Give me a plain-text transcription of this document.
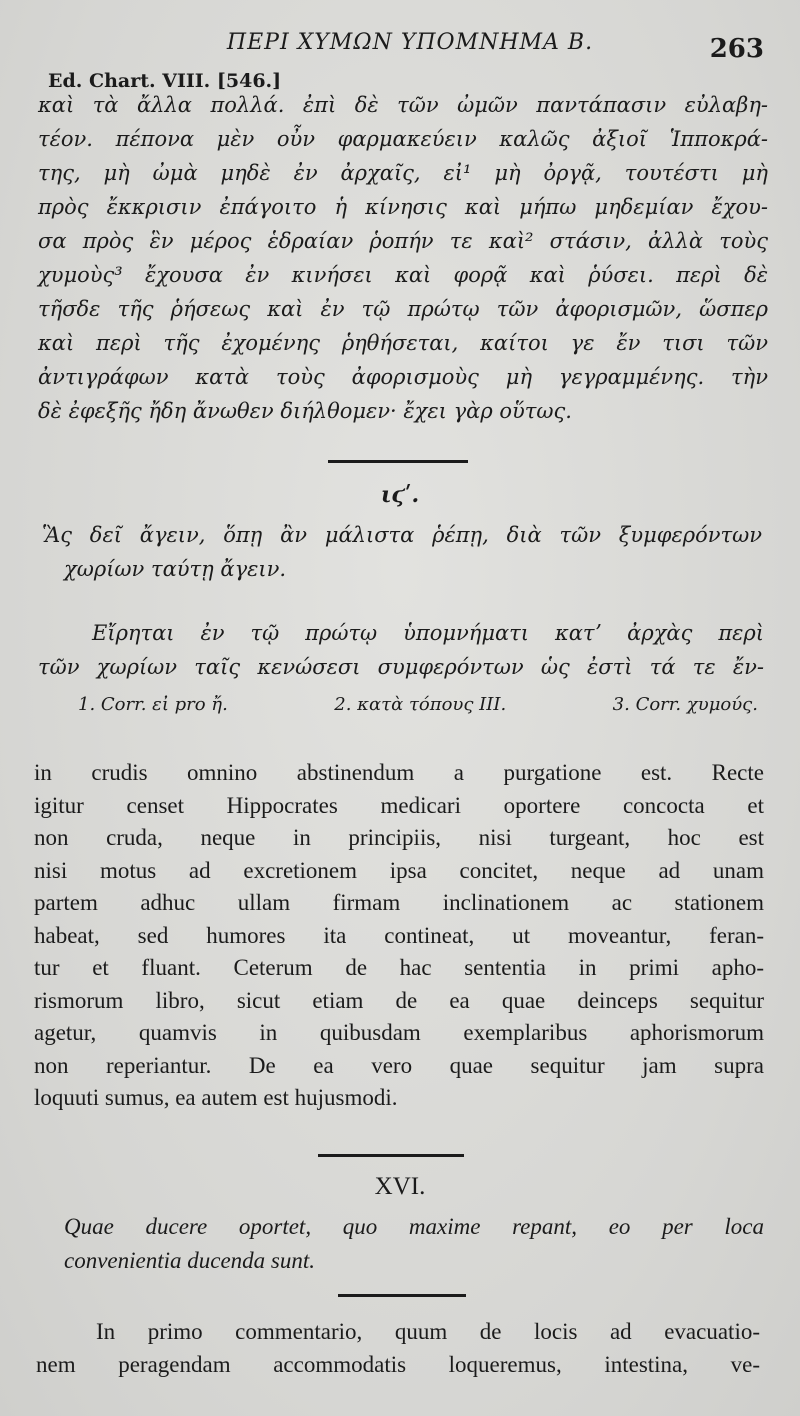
ΠΕΡΙ ΧΥΜΩΝ ΥΠΟΜΝΗΜΑ Β.	263
Ed. Chart. VIII. [546.]
καὶ τὰ ἄλλα πολλά. ἐπὶ δὲ τῶν ὠμῶν παντάπασιν εὐλαβη-
τέον. πέπονα μὲν οὖν φαρμακεύειν καλῶς ἀξιοῖ Ἱπποκρά-
της, μὴ ὠμὰ μηδὲ ἐν ἀρχαῖς, εἰ¹ μὴ ὀργᾷ, τουτέστι μὴ
πρὸς ἔκκρισιν ἐπάγοιτο ἡ κίνησις καὶ μήπω μηδεμίαν ἔχου-
σα πρὸς ἓν μέρος ἑδραίαν ῥοπήν τε καὶ² στάσιν, ἀλλὰ τοὺς
χυμοὺς³ ἔχουσα ἐν κινήσει καὶ φορᾷ καὶ ῥύσει. περὶ δὲ
τῆσδε τῆς ῥήσεως καὶ ἐν τῷ πρώτῳ τῶν ἀφορισμῶν, ὥσπερ
καὶ περὶ τῆς ἐχομένης ῥηθήσεται, καίτοι γε ἔν τισι τῶν
ἀντιγράφων κατὰ τοὺς ἀφορισμοὺς μὴ γεγραμμένης. τὴν
δὲ ἐφεξῆς ἤδη ἄνωθεν διήλθομεν· ἔχει γὰρ οὕτως.
ιϛʹ.
Ἃς δεῖ ἄγειν, ὅπῃ ἂν μάλιστα ῥέπῃ, διὰ τῶν ξυμφερόντων
χωρίων ταύτῃ ἄγειν.
Εἴρηται ἐν τῷ πρώτῳ ὑπομνήματι κατʼ ἀρχὰς περὶ
τῶν χωρίων ταῖς κενώσεσι συμφερόντων ὡς ἐστὶ τά τε ἔν-
1. Corr. εἰ pro ἤ.	2. κατὰ τόπους III.	3. Corr. χυμούς.
in crudis omnino abstinendum a purgatione est. Recte
igitur censet Hippocrates medicari oportere concocta et
non cruda, neque in principiis, nisi turgeant, hoc est
nisi motus ad excretionem ipsa concitet, neque ad unam
partem adhuc ullam firmam inclinationem ac stationem
habeat, sed humores ita contineat, ut moveantur, feran-
tur et fluant. Ceterum de hac sententia in primi apho-
rismorum libro, sicut etiam de ea quae deinceps sequitur
agetur, quamvis in quibusdam exemplaribus aphorismorum
non reperiantur. De ea vero quae sequitur jam supra
loquuti sumus, ea autem est hujusmodi.
XVI.
Quae ducere oportet, quo maxime repant, eo per loca
convenientia ducenda sunt.
In primo commentario, quum de locis ad evacuatio-
nem peragendam accommodatis loqueremus, intestina, ve-
